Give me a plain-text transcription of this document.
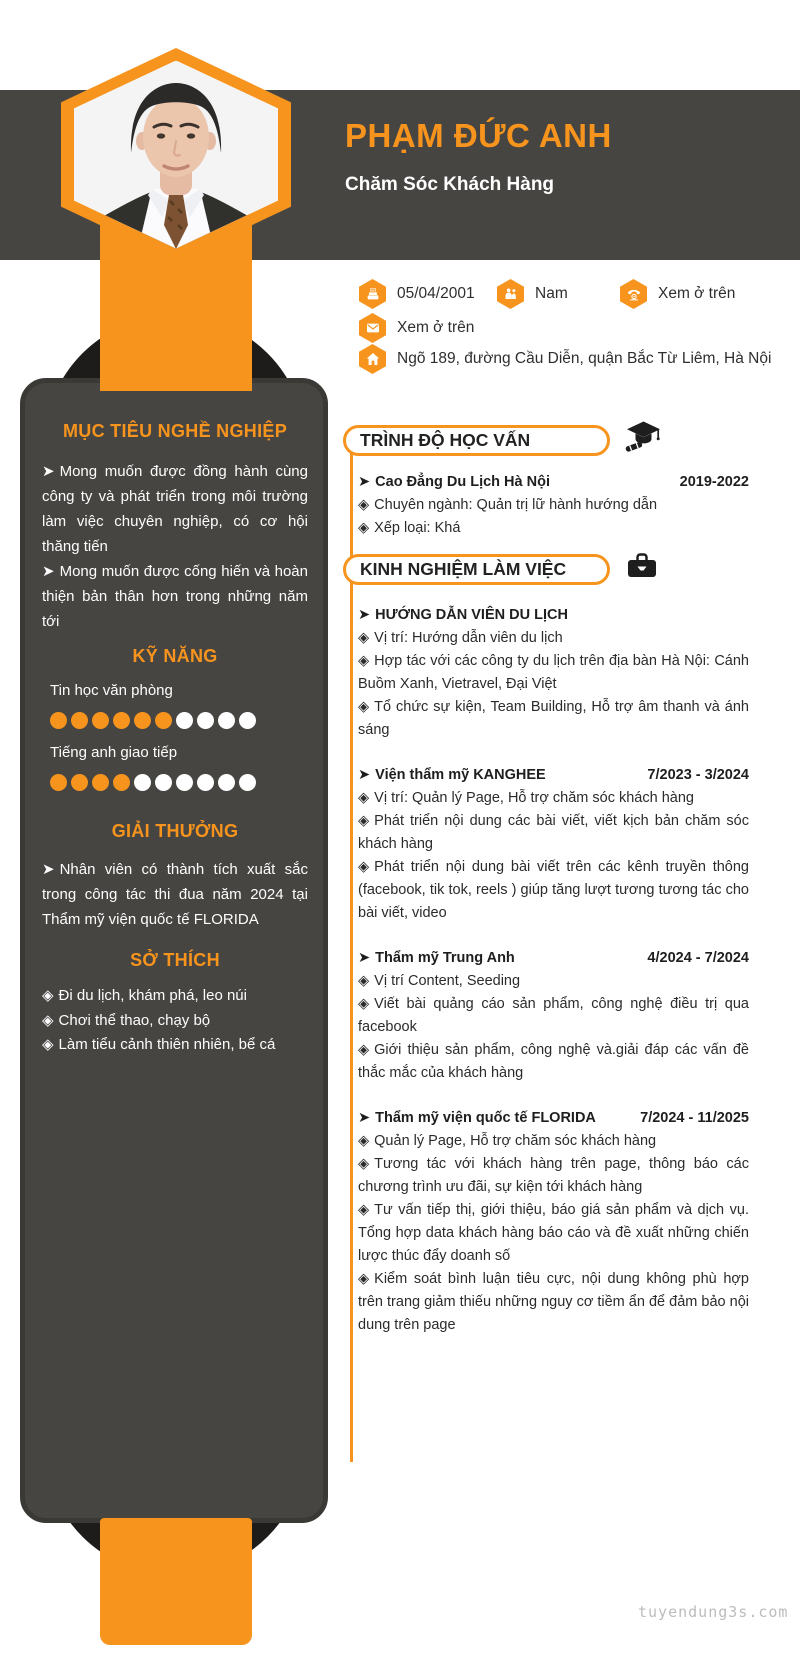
MỤC TIÊU NGHỀ NGHIỆP
➤ Mong muốn được đồng hành cùng công ty và phát triển trong môi trường làm việc chuyên nghiệp, có cơ hội thăng tiến
➤ Mong muốn được cống hiến và hoàn thiện bản thân hơn trong những năm tới
KỸ NĂNG
Tin học văn phòng
Tiếng anh giao tiếp
GIẢI THƯỞNG
➤ Nhân viên có thành tích xuất sắc trong công tác thi đua năm 2024 tại Thẩm mỹ viện quốc tế FLORIDA
SỞ THÍCH
◈ Đi du lịch, khám phá, leo núi
◈ Chơi thể thao, chạy bộ
◈ Làm tiểu cảnh thiên nhiên, bể cá
PHẠM ĐỨC ANH
Chăm Sóc Khách Hàng
05/04/2001	Nam	Xem ở trên
Xem ở trên
Ngõ 189, đường Cầu Diễn, quận Bắc Từ Liêm, Hà Nội
TRÌNH ĐỘ HỌC VẤN
➤ Cao Đẳng Du Lịch Hà Nội	2019-2022
◈ Chuyên ngành: Quản trị lữ hành hướng dẫn
◈ Xếp loại: Khá
KINH NGHIỆM LÀM VIỆC
➤ HƯỚNG DẪN VIÊN DU LỊCH
◈ Vị trí: Hướng dẫn viên du lịch
◈ Hợp tác với các công ty du lịch trên địa bàn Hà Nội: Cánh Buồm Xanh, Vietravel, Đại Việt
◈ Tổ chức sự kiện, Team Building, Hỗ trợ âm thanh và ánh sáng
➤ Viện thẩm mỹ KANGHEE	7/2023 - 3/2024
◈ Vị trí: Quản lý Page, Hỗ trợ chăm sóc khách hàng
◈ Phát triển nội dung các bài viết, viết kịch bản chăm sóc khách hàng
◈ Phát triển nội dung bài viết trên các kênh truyền thông (facebook, tik tok, reels ) giúp tăng lượt tương tương tác cho bài viết, video
➤ Thẩm mỹ Trung Anh	4/2024 - 7/2024
◈ Vị trí Content, Seeding
◈ Viết bài quảng cáo sản phẩm, công nghệ điều trị qua facebook
◈ Giới thiệu sản phẩm, công nghệ và.giải đáp các vấn đề thắc mắc của khách hàng
➤ Thẩm mỹ viện quốc tế FLORIDA	7/2024 - 11/2025
◈ Quản lý Page, Hỗ trợ chăm sóc khách hàng
◈ Tương tác với khách hàng trên page, thông báo các chương trình ưu đãi, sự kiện tới khách hàng
◈ Tư vấn tiếp thị, giới thiệu, báo giá sản phẩm và dịch vụ. Tổng hợp data khách hàng báo cáo và đề xuất những chiến lược thúc đẩy doanh số
◈ Kiểm soát bình luận tiêu cực, nội dung không phù hợp trên trang giảm thiếu những nguy cơ tiềm ẩn để đảm bảo nội dung trên page
tuyendung3s.com
